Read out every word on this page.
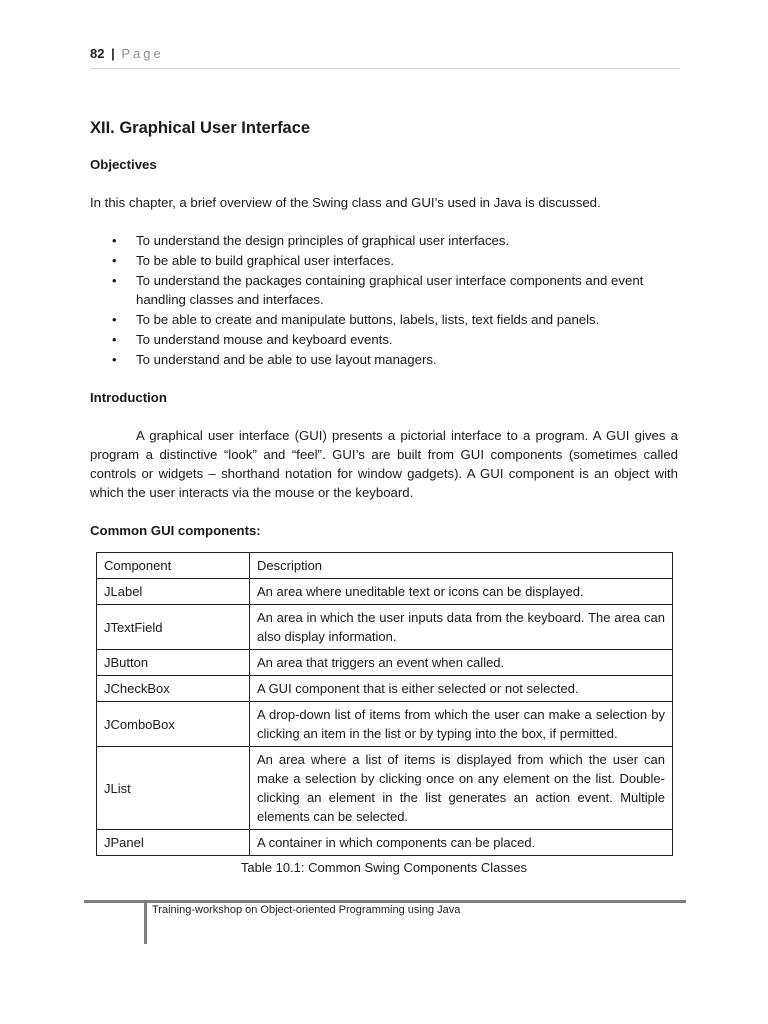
82 | Page
XII. Graphical User Interface
Objectives
In this chapter, a brief overview of the Swing class and GUI’s used in Java is discussed.
• To understand the design principles of graphical user interfaces.
• To be able to build graphical user interfaces.
• To understand the packages containing graphical user interface components and event handling classes and interfaces.
• To be able to create and manipulate buttons, labels, lists, text fields and panels.
• To understand mouse and keyboard events.
• To understand and be able to use layout managers.
Introduction
A graphical user interface (GUI) presents a pictorial interface to a program. A GUI gives a program a distinctive “look” and “feel”. GUI’s are built from GUI components (sometimes called controls or widgets – shorthand notation for window gadgets). A GUI component is an object with which the user interacts via the mouse or the keyboard.
Common GUI components:
Component	Description
JLabel	An area where uneditable text or icons can be displayed.
JTextField	An area in which the user inputs data from the keyboard. The area can also display information.
JButton	An area that triggers an event when called.
JCheckBox	A GUI component that is either selected or not selected.
JComboBox	A drop-down list of items from which the user can make a selection by clicking an item in the list or by typing into the box, if permitted.
JList	An area where a list of items is displayed from which the user can make a selection by clicking once on any element on the list. Double-clicking an element in the list generates an action event. Multiple elements can be selected.
JPanel	A container in which components can be placed.
Table 10.1: Common Swing Components Classes
Training-workshop on Object-oriented Programming using Java
